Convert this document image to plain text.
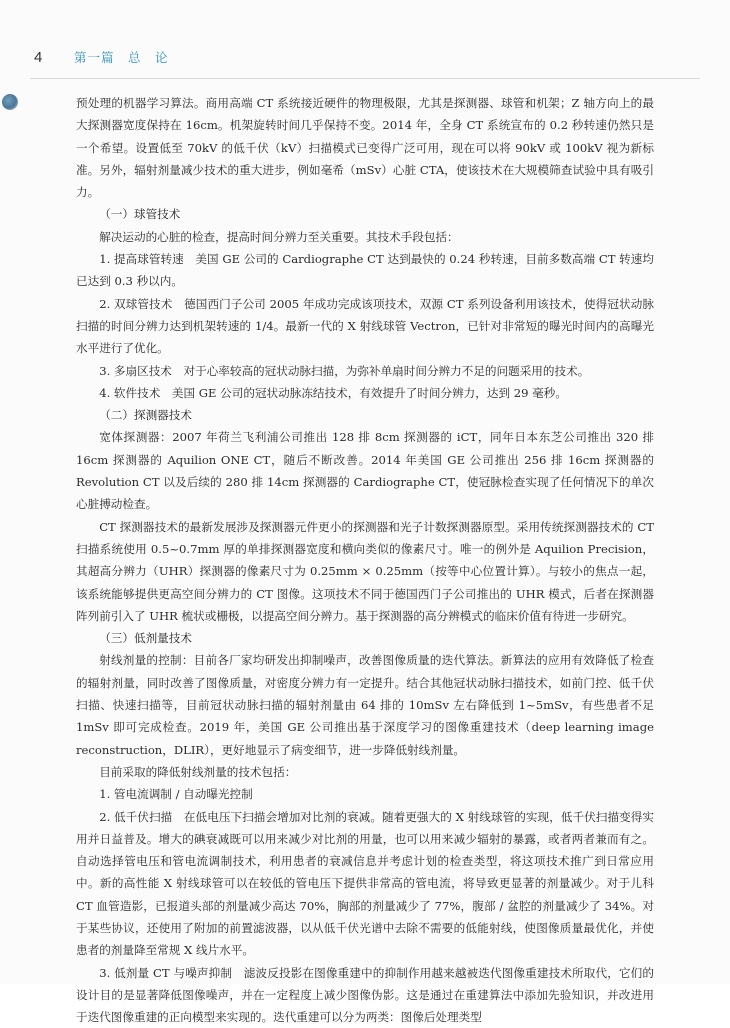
4	第一篇　总　论

预处理的机器学习算法。商用高端 CT 系统接近硬件的物理极限，尤其是探测器、球管和机架；Z 轴方向上的最大探测器宽度保持在 16cm。机架旋转时间几乎保持不变。2014 年，全身 CT 系统宣布的 0.2 秒转速仍然只是一个希望。设置低至 70kV 的低千伏（kV）扫描模式已变得广泛可用，现在可以将 90kV 或 100kV 视为新标准。另外，辐射剂量减少技术的重大进步，例如毫希（mSv）心脏 CTA，使该技术在大规模筛查试验中具有吸引力。

（一）球管技术

解决运动的心脏的检查，提高时间分辨力至关重要。其技术手段包括：

1. 提高球管转速　美国 GE 公司的 Cardiographe CT 达到最快的 0.24 秒转速，目前多数高端 CT 转速均已达到 0.3 秒以内。

2. 双球管技术　德国西门子公司 2005 年成功完成该项技术，双源 CT 系列设备利用该技术，使得冠状动脉扫描的时间分辨力达到机架转速的 1/4。最新一代的 X 射线球管 Vectron，已针对非常短的曝光时间内的高曝光水平进行了优化。

3. 多扇区技术　对于心率较高的冠状动脉扫描，为弥补单扇时间分辨力不足的问题采用的技术。

4. 软件技术　美国 GE 公司的冠状动脉冻结技术，有效提升了时间分辨力，达到 29 毫秒。

（二）探测器技术

宽体探测器：2007 年荷兰飞利浦公司推出 128 排 8cm 探测器的 iCT，同年日本东芝公司推出 320 排 16cm 探测器的 Aquilion ONE CT，随后不断改善。2014 年美国 GE 公司推出 256 排 16cm 探测器的 Revolution CT 以及后续的 280 排 14cm 探测器的 Cardiographe CT，使冠脉检查实现了任何情况下的单次心脏搏动检查。

CT 探测器技术的最新发展涉及探测器元件更小的探测器和光子计数探测器原型。采用传统探测器技术的 CT 扫描系统使用 0.5~0.7mm 厚的单排探测器宽度和横向类似的像素尺寸。唯一的例外是 Aquilion Precision，其超高分辨力（UHR）探测器的像素尺寸为 0.25mm × 0.25mm（按等中心位置计算）。与较小的焦点一起，该系统能够提供更高空间分辨力的 CT 图像。这项技术不同于德国西门子公司推出的 UHR 模式，后者在探测器阵列前引入了 UHR 梳状或栅极，以提高空间分辨力。基于探测器的高分辨模式的临床价值有待进一步研究。

（三）低剂量技术

射线剂量的控制：目前各厂家均研发出抑制噪声，改善图像质量的迭代算法。新算法的应用有效降低了检查的辐射剂量，同时改善了图像质量，对密度分辨力有一定提升。结合其他冠状动脉扫描技术，如前门控、低千伏扫描、快速扫描等，目前冠状动脉扫描的辐射剂量由 64 排的 10mSv 左右降低到 1~5mSv，有些患者不足 1mSv 即可完成检查。2019 年，美国 GE 公司推出基于深度学习的图像重建技术（deep learning image reconstruction，DLIR），更好地显示了病变细节，进一步降低射线剂量。

目前采取的降低射线剂量的技术包括：

1. 管电流调制 / 自动曝光控制

2. 低千伏扫描　在低电压下扫描会增加对比剂的衰减。随着更强大的 X 射线球管的实现，低千伏扫描变得实用并日益普及。增大的碘衰减既可以用来减少对比剂的用量，也可以用来减少辐射的暴露，或者两者兼而有之。自动选择管电压和管电流调制技术，利用患者的衰减信息并考虑计划的检查类型，将这项技术推广到日常应用中。新的高性能 X 射线球管可以在较低的管电压下提供非常高的管电流，将导致更显著的剂量减少。对于儿科 CT 血管造影，已报道头部的剂量减少高达 70%，胸部的剂量减少了 77%，腹部 / 盆腔的剂量减少了 34%。对于某些协议，还使用了附加的前置滤波器，以从低千伏光谱中去除不需要的低能射线，使图像质量最优化，并使患者的剂量降至常规 X 线片水平。

3. 低剂量 CT 与噪声抑制　滤波反投影在图像重建中的抑制作用越来越被迭代图像重建技术所取代，它们的设计目的是显著降低图像噪声，并在一定程度上减少图像伪影。这是通过在重建算法中添加先验知识，并改进用于迭代图像重建的正向模型来实现的。迭代重建可以分为两类：图像后处理类型
